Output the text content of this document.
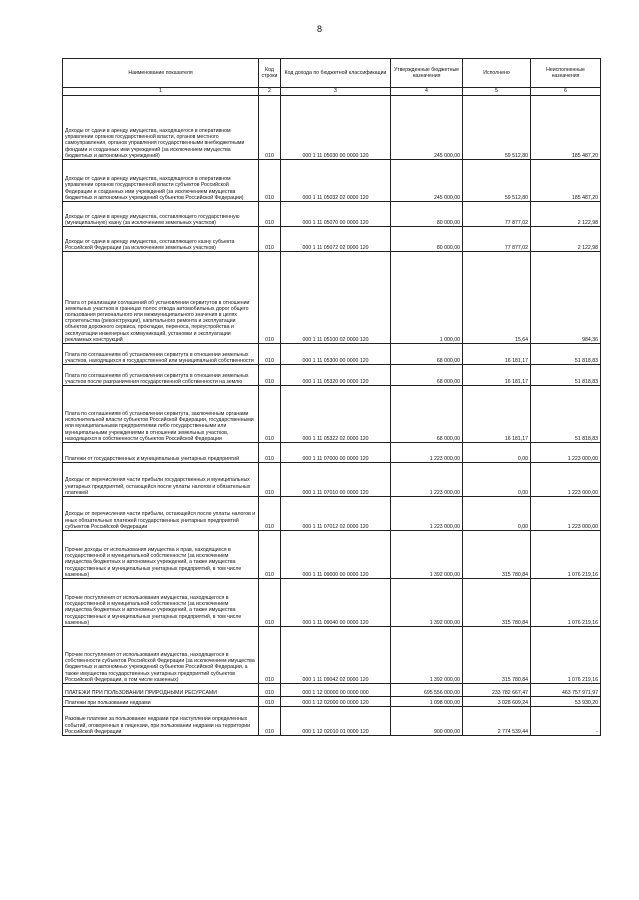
8
Наименование показателя	Код строки	Код дохода по бюджетной классификации	Утвержденные бюджетные назначения	Исполнено	Неисполненные назначения
1	2	3	4	5	6
Доходы от сдачи в аренду имущества, находящегося в оперативном управлении органов государственной власти, органов местного самоуправления, органов управления государственными внебюджетными фондами и созданных ими учреждений (за исключением имущества бюджетных и автономных учреждений)	010	000 1 11 05030 00 0000 120	245 000,00	59 512,80	185 487,20
Доходы от сдачи в аренду имущества, находящегося в оперативном управлении органов государственной власти субъектов Российской Федерации и созданных ими учреждений (за исключением имущества бюджетных и автономных учреждений субъектов Российской Федерации)	010	000 1 11 05032 02 0000 120	245 000,00	59 512,80	185 487,20
Доходы от сдачи в аренду имущества, составляющего государственную (муниципальную) казну (за исключением земельных участков)	010	000 1 11 05070 00 0000 120	80 000,00	77 877,02	2 122,98
Доходы от сдачи в аренду имущества, составляющего казну субъекта Российской Федерации (за исключением земельных участков)	010	000 1 11 05072 02 0000 120	80 000,00	77 877,02	2 122,98
Плата от реализации соглашений об установлении сервитутов в отношении земельных участков в границах полос отвода автомобильных дорог общего пользования регионального или межмуниципального значения в целях строительства (реконструкции), капитального ремонта и эксплуатации объектов дорожного сервиса, прокладки, переноса, переустройства и эксплуатации инженерных коммуникаций, установки и эксплуатации рекламных конструкций	010	000 1 11 05100 02 0000 120	1 000,00	15,64	984,36
Плата по соглашениям об установлении сервитута в отношении земельных участков, находящихся в государственной или муниципальной собственности	010	000 1 11 05300 00 0000 120	68 000,00	16 181,17	51 818,83
Плата по соглашениям об установлении сервитута в отношении земельных участков после разграничения государственной собственности на землю	010	000 1 11 05320 00 0000 120	68 000,00	16 181,17	51 818,83
Плата по соглашениям об установлении сервитута, заключенным органами исполнительной власти субъектов Российской Федерации, государственными или муниципальными предприятиями либо государственными или муниципальными учреждениями в отношении земельных участков, находящихся в собственности субъектов Российской Федерации	010	000 1 11 05322 02 0000 120	68 000,00	16 181,17	51 818,83
Платежи от государственных и муниципальных унитарных предприятий	010	000 1 11 07000 00 0000 120	1 223 000,00	0,00	1 223 000,00
Доходы от перечисления части прибыли государственных и муниципальных унитарных предприятий, остающейся после уплаты налогов и обязательных платежей	010	000 1 11 07010 00 0000 120	1 223 000,00	0,00	1 223 000,00
Доходы от перечисления части прибыли, остающейся после уплаты налогов и иных обязательных платежей государственных унитарных предприятий субъектов Российской Федерации	010	000 1 11 07012 02 0000 120	1 223 000,00	0,00	1 223 000,00
Прочие доходы от использования имущества и прав, находящихся в государственной и муниципальной собственности (за исключением имущества бюджетных и автономных учреждений, а также имущества государственных и муниципальных унитарных предприятий, в том числе казенных)	010	000 1 11 09000 00 0000 120	1 392 000,00	315 780,84	1 076 219,16
Прочие поступления от использования имущества, находящегося в государственной и муниципальной собственности (за исключением имущества бюджетных и автономных учреждений, а также имущества государственных и муниципальных унитарных предприятий, в том числе казенных)	010	000 1 11 09040 00 0000 120	1 392 000,00	315 780,84	1 076 219,16
Прочие поступления от использования имущества, находящегося в собственности субъектов Российской Федерации (за исключением имущества бюджетных и автономных учреждений субъектов Российской Федерации, а также имущества государственных унитарных предприятий субъектов Российской Федерации, в том числе казенных)	010	000 1 11 09042 02 0000 120	1 392 000,00	315 780,84	1 076 219,16
ПЛАТЕЖИ ПРИ ПОЛЬЗОВАНИИ ПРИРОДНЫМИ РЕСУРСАМИ	010	000 1 12 00000 00 0000 000	695 556 000,00	233 782 667,47	463 757 971,97
Платежи при пользовании недрами	010	000 1 12 02000 00 0000 120	1 098 000,00	3 028 609,24	53 930,20
Разовые платежи за пользование недрами при наступлении определенных событий, оговоренных в лицензии, при пользовании недрами на территории Российской Федерации	010	000 1 12 02010 01 0000 120	900 000,00	2 774 539,44	-
